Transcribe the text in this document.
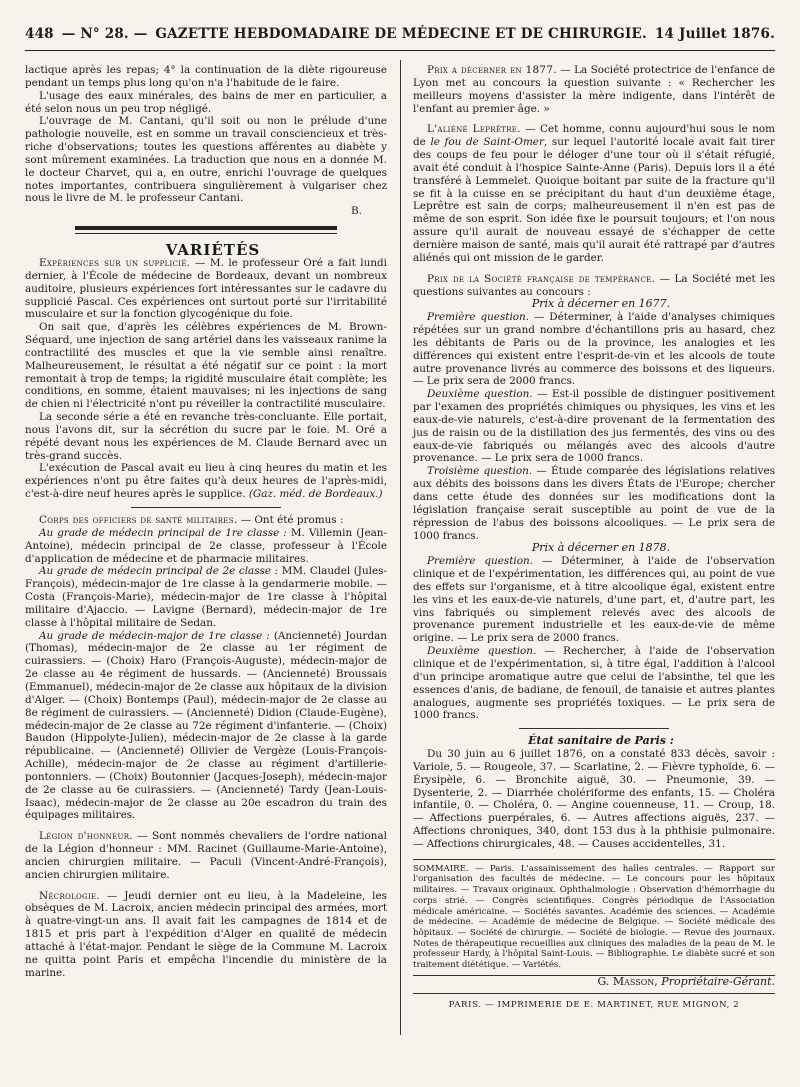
448 — N° 28. — GAZETTE HEBDOMADAIRE DE MÉDECINE ET DE CHIRURGIE. 14 Juillet 1876.

lactique après les repas; 4° la continuation de la diète rigoureuse pendant un temps plus long qu'on n'a l'habitude de le faire.

L'usage des eaux minérales, des bains de mer en particulier, a été selon nous un peu trop négligé.

L'ouvrage de M. Cantani, qu'il soit ou non le prélude d'une pathologie nouvelle, est en somme un travail consciencieux et très-riche d'observations; toutes les questions afférentes au diabète y sont mûrement examinées. La traduction que nous en a donnée M. le docteur Charvet, qui a, en outre, enrichi l'ouvrage de quelques notes importantes, contribuera singulièrement à vulgariser chez nous le livre de M. le professeur Cantani.

B.

VARIÉTÉS

Expériences sur un supplicié. — M. le professeur Oré a fait lundi dernier, à l'École de médecine de Bordeaux, devant un nombreux auditoire, plusieurs expériences fort intéressantes sur le cadavre du supplicié Pascal. Ces expériences ont surtout porté sur l'irritabilité musculaire et sur la fonction glycogénique du foie.

On sait que, d'après les célèbres expériences de M. Brown-Séquard, une injection de sang artériel dans les vaisseaux ranime la contractilité des muscles et que la vie semble ainsi renaître. Malheureusement, le résultat a été négatif sur ce point : la mort remontait à trop de temps; la rigidité musculaire était complète; les conditions, en somme, étaient mauvaises; ni les injections de sang de chien ni l'électricité n'ont pu réveiller la contractilité musculaire.

La seconde série a été en revanche très-concluante. Elle portait, nous l'avons dit, sur la sécrétion du sucre par le foie. M. Oré a répété devant nous les expériences de M. Claude Bernard avec un très-grand succès.

L'exécution de Pascal avait eu lieu à cinq heures du matin et les expériences n'ont pu être faites qu'à deux heures de l'après-midi, c'est-à-dire neuf heures après le supplice. (Gaz. méd. de Bordeaux.)

Corps des officiers de santé militaires. — Ont été promus :

Au grade de médecin principal de 1re classe : M. Villemin (Jean-Antoine), médecin principal de 2e classe, professeur à l'École d'application de médecine et de pharmacie militaires.

Au grade de médecin principal de 2e classe : MM. Claudel (Jules-François), médecin-major de 1re classe à la gendarmerie mobile. — Costa (François-Marie), médecin-major de 1re classe à l'hôpital militaire d'Ajaccio. — Lavigne (Bernard), médecin-major de 1re classe à l'hôpital militaire de Sedan.

Au grade de médecin-major de 1re classe : (Ancienneté) Jourdan (Thomas), médecin-major de 2e classe au 1er régiment de cuirassiers. — (Choix) Haro (François-Auguste), médecin-major de 2e classe au 4e régiment de hussards. — (Ancienneté) Broussais (Emmanuel), médecin-major de 2e classe aux hôpitaux de la division d'Alger. — (Choix) Bontemps (Paul), médecin-major de 2e classe au 8e régiment de cuirassiers. — (Ancienneté) Didion (Claude-Eugène), médecin-major de 2e classe au 72e régiment d'infanterie. — (Choix) Baudon (Hippolyte-Julien), médecin-major de 2e classe à la garde républicaine. — (Ancienneté) Ollivier de Vergèze (Louis-François-Achille), médecin-major de 2e classe au régiment d'artillerie-pontonniers. — (Choix) Boutonnier (Jacques-Joseph), médecin-major de 2e classe au 6e cuirassiers. — (Ancienneté) Tardy (Jean-Louis-Isaac), médecin-major de 2e classe au 20e escadron du train des équipages militaires.

Légion d'honneur. — Sont nommés chevaliers de l'ordre national de la Légion d'honneur : MM. Racinet (Guillaume-Marie-Antoine), ancien chirurgien militaire. — Paculi (Vincent-André-François), ancien chirurgien militaire.

Nécrologie. — Jeudi dernier ont eu lieu, à la Madeleine, les obsèques de M. Lacroix, ancien médecin principal des armées, mort à quatre-vingt-un ans. Il avait fait les campagnes de 1814 et de 1815 et pris part à l'expédition d'Alger en qualité de médecin attaché à l'état-major. Pendant le siège de la Commune M. Lacroix ne quitta point Paris et empêcha l'incendie du ministère de la marine.

Prix a décerner en 1877. — La Société protectrice de l'enfance de Lyon met au concours la question suivante : « Rechercher les meilleurs moyens d'assister la mère indigente, dans l'intérêt de l'enfant au premier âge. »

L'aliéné Leprêtre. — Cet homme, connu aujourd'hui sous le nom de le fou de Saint-Omer, sur lequel l'autorité locale avait fait tirer des coups de feu pour le déloger d'une tour où il s'était réfugié, avait été conduit à l'hospice Sainte-Anne (Paris). Depuis lors il a été transféré à Lemmelet. Quoique boitant par suite de la fracture qu'il se fit à la cuisse en se précipitant du haut d'un deuxième étage, Leprêtre est sain de corps; malheureusement il n'en est pas de même de son esprit. Son idée fixe le poursuit toujours; et l'on nous assure qu'il aurait de nouveau essayé de s'échapper de cette dernière maison de santé, mais qu'il aurait été rattrapé par d'autres aliénés qui ont mission de le garder.

Prix de la Société française de tempérance. — La Société met les questions suivantes au concours :

Prix à décerner en 1677.

Première question. — Déterminer, à l'aide d'analyses chimiques répétées sur un grand nombre d'échantillons pris au hasard, chez les débitants de Paris ou de la province, les analogies et les différences qui existent entre l'esprit-de-vin et les alcools de toute autre provenance livrés au commerce des boissons et des liqueurs. — Le prix sera de 2000 francs.

Deuxième question. — Est-il possible de distinguer positivement par l'examen des propriétés chimiques ou physiques, les vins et les eaux-de-vie naturels, c'est-à-dire provenant de la fermentation des jus de raisin ou de la distillation des jus fermentés, des vins ou des eaux-de-vie fabriqués ou mélangés avec des alcools d'autre provenance. — Le prix sera de 1000 francs.

Troisième question. — Étude comparée des législations relatives aux débits des boissons dans les divers États de l'Europe; chercher dans cette étude des données sur les modifications dont la législation française serait susceptible au point de vue de la répression de l'abus des boissons alcooliques. — Le prix sera de 1000 francs.

Prix à décerner en 1878.

Première question. — Déterminer, à l'aide de l'observation clinique et de l'expérimentation, les différences qui, au point de vue des effets sur l'organisme, et à titre alcoolique égal, existent entre les vins et les eaux-de-vie naturels, d'une part, et, d'autre part, les vins fabriqués ou simplement relevés avec des alcools de provenance purement industrielle et les eaux-de-vie de même origine. — Le prix sera de 2000 francs.

Deuxième question. — Rechercher, à l'aide de l'observation clinique et de l'expérimentation, si, à titre égal, l'addition à l'alcool d'un principe aromatique autre que celui de l'absinthe, tel que les essences d'anis, de badiane, de fenouil, de tanaisie et autres plantes analogues, augmente ses propriétés toxiques. — Le prix sera de 1000 francs.

État sanitaire de Paris :

Du 30 juin au 6 juillet 1876, on a constaté 833 décès, savoir : Variole, 5. — Rougeole, 37. — Scarlatine, 2. — Fièvre typhoïde, 6. — Érysipèle, 6. — Bronchite aiguë, 30. — Pneumonie, 39. — Dysenterie, 2. — Diarrhée cholériforme des enfants, 15. — Choléra infantile, 0. — Choléra, 0. — Angine couenneuse, 11. — Croup, 18. — Affections puerpérales, 6. — Autres affections aiguës, 237. — Affections chroniques, 340, dont 153 dus à la phthisie pulmonaire. — Affections chirurgicales, 48. — Causes accidentelles, 31.

SOMMAIRE. — Paris. L'assainissement des halles centrales. — Rapport sur l'organisation des facultés de médecine. — Le concours pour les hôpitaux militaires. — Travaux originaux. Ophthalmologie : Observation d'hémorrhagie du corps strié. — Congrès scientifiques. Congrès périodique de l'Association médicale américaine. — Sociétés savantes. Académie des sciences. — Académie de médecine. — Académie de médecine de Belgique. — Société médicale des hôpitaux. — Société de chirurgie. — Société de biologie. — Revue des journaux. Notes de thérapeutique recueillies aux cliniques des maladies de la peau de M. le professeur Hardy, à l'hôpital Saint-Louis. — Bibliographie. Le diabète sucré et son traitement diététique. — Variétés.

G. Masson, Propriétaire-Gérant.

PARIS. — IMPRIMERIE DE E. MARTINET, RUE MIGNON, 2
